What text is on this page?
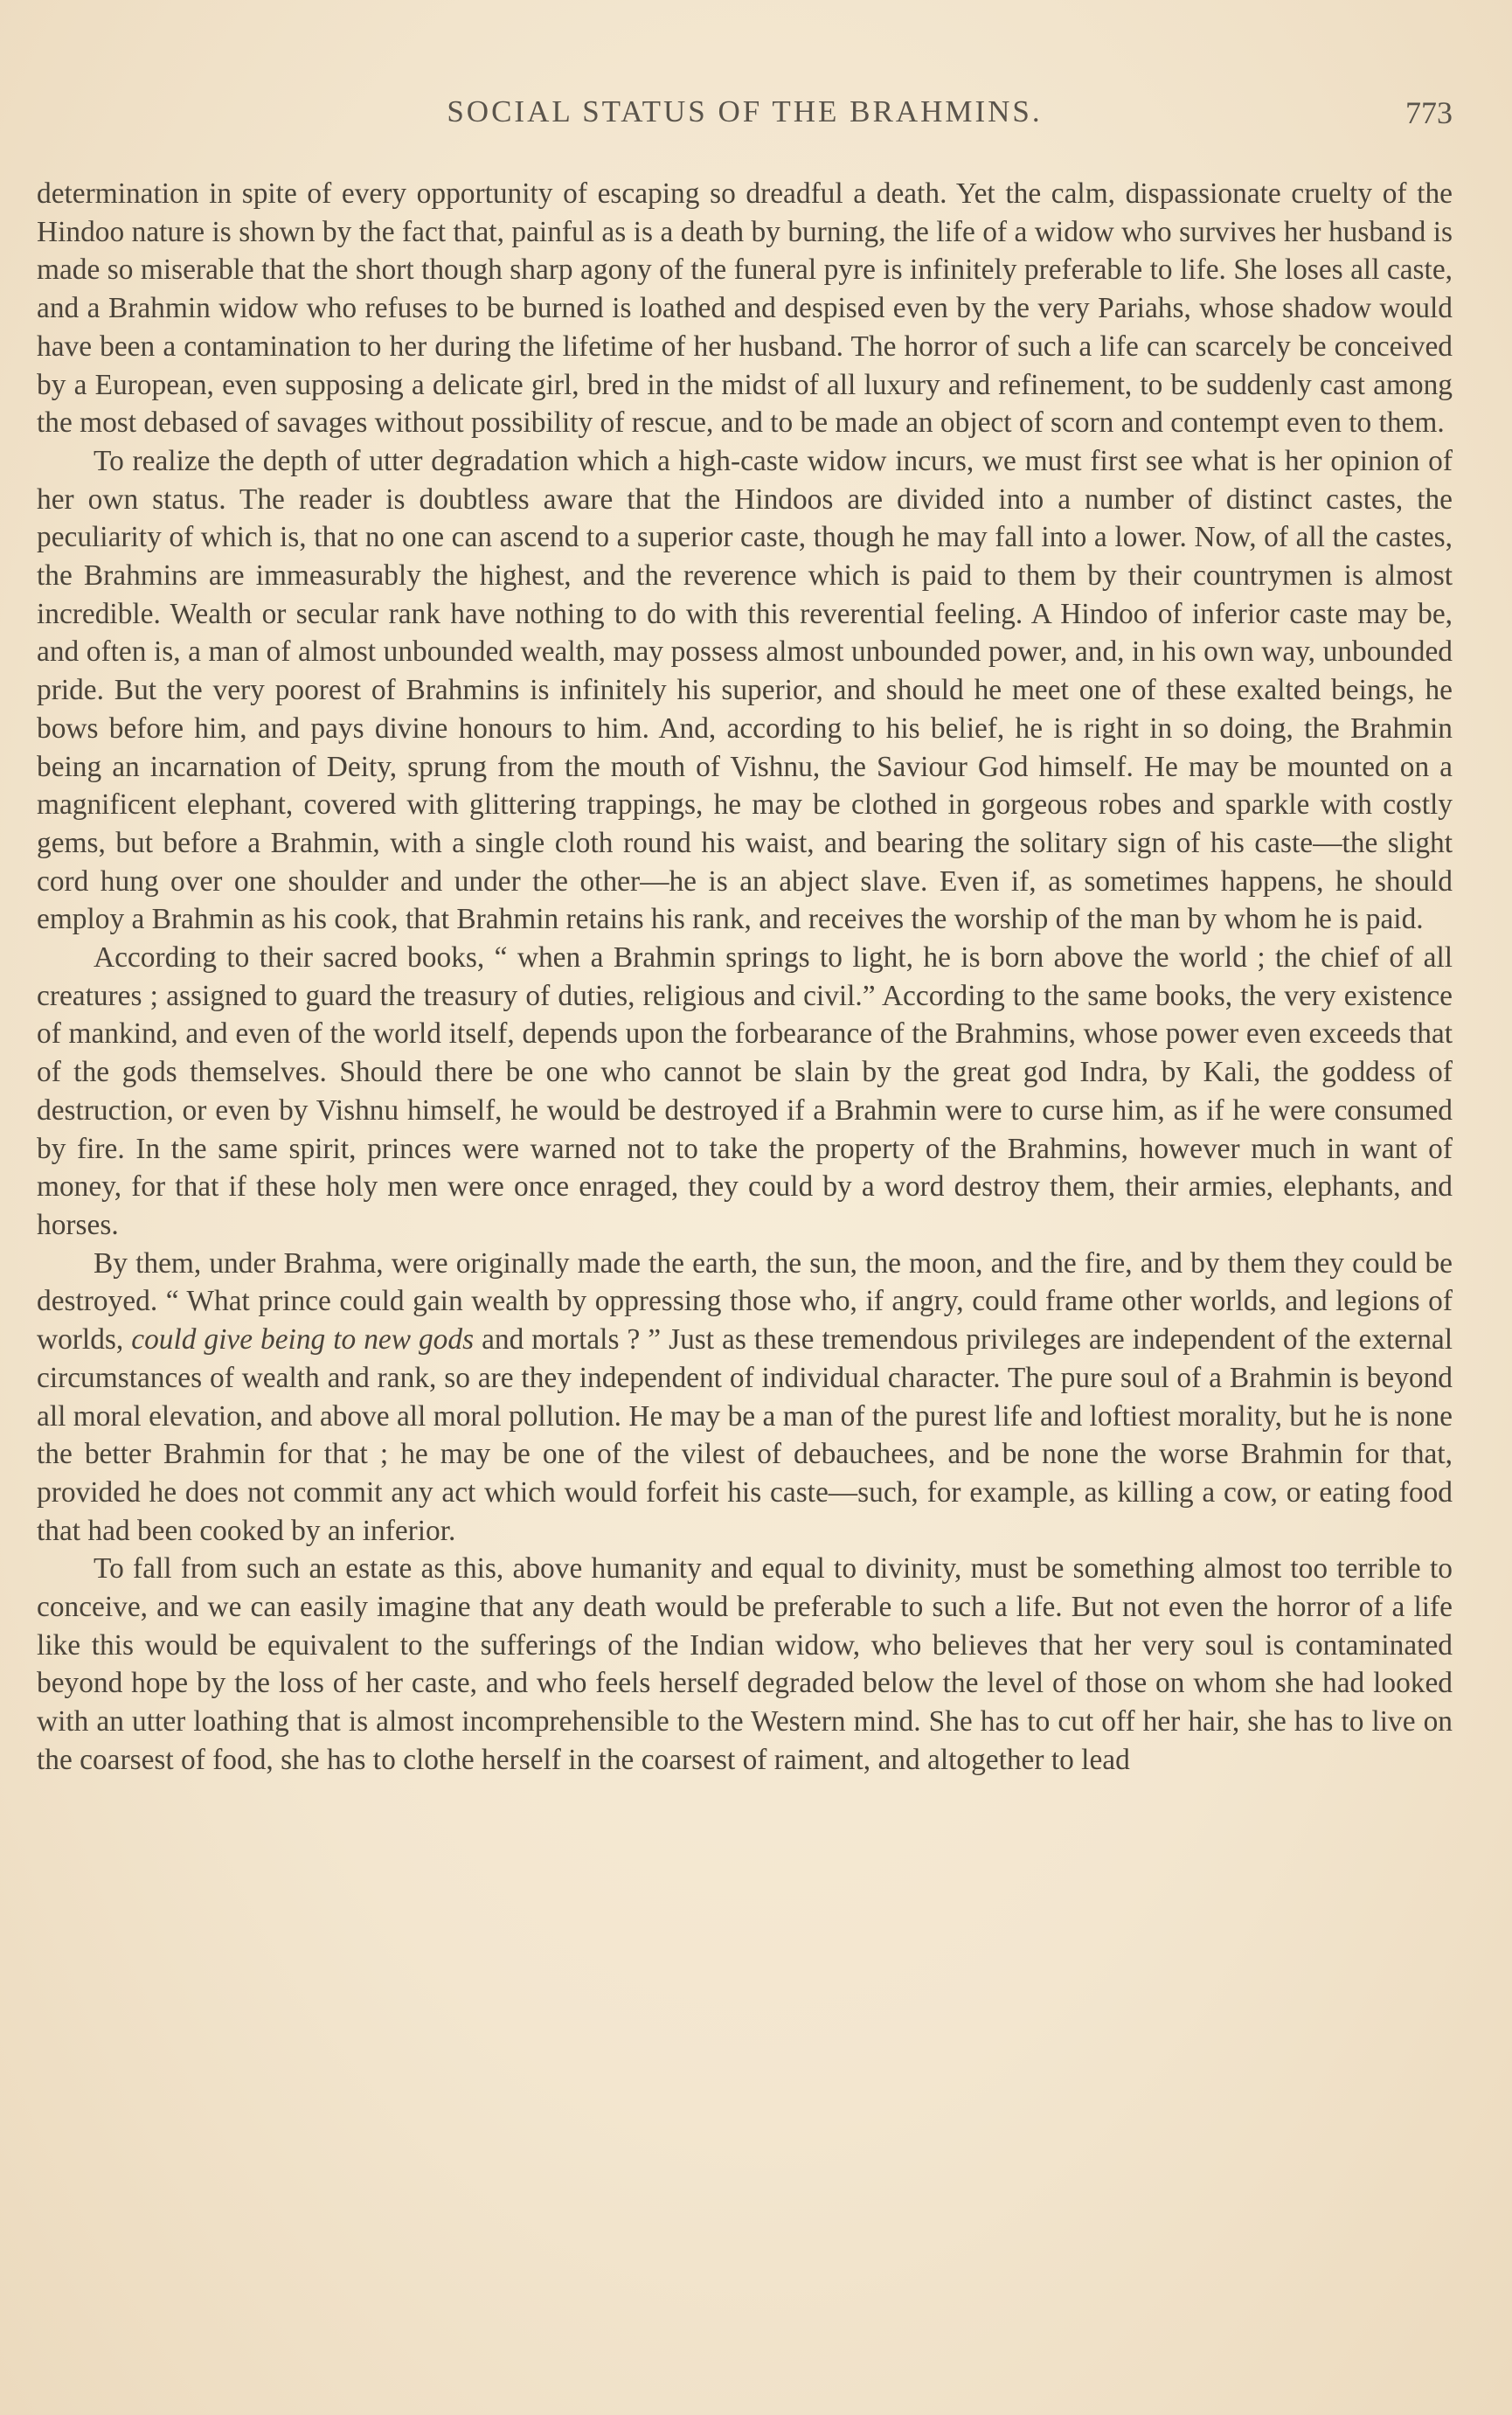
SOCIAL STATUS OF THE BRAHMINS.	773

determination in spite of every opportunity of escaping so dreadful a death. Yet the calm, dispassionate cruelty of the Hindoo nature is shown by the fact that, painful as is a death by burning, the life of a widow who survives her husband is made so miserable that the short though sharp agony of the funeral pyre is infinitely preferable to life. She loses all caste, and a Brahmin widow who refuses to be burned is loathed and despised even by the very Pariahs, whose shadow would have been a contamination to her during the lifetime of her husband. The horror of such a life can scarcely be conceived by a European, even supposing a delicate girl, bred in the midst of all luxury and refinement, to be suddenly cast among the most debased of savages without possibility of rescue, and to be made an object of scorn and contempt even to them.

To realize the depth of utter degradation which a high-caste widow incurs, we must first see what is her opinion of her own status. The reader is doubtless aware that the Hindoos are divided into a number of distinct castes, the peculiarity of which is, that no one can ascend to a superior caste, though he may fall into a lower. Now, of all the castes, the Brahmins are immeasurably the highest, and the reverence which is paid to them by their countrymen is almost incredible. Wealth or secular rank have nothing to do with this reverential feeling. A Hindoo of inferior caste may be, and often is, a man of almost unbounded wealth, may possess almost unbounded power, and, in his own way, unbounded pride. But the very poorest of Brahmins is infinitely his superior, and should he meet one of these exalted beings, he bows before him, and pays divine honours to him. And, according to his belief, he is right in so doing, the Brahmin being an incarnation of Deity, sprung from the mouth of Vishnu, the Saviour God himself. He may be mounted on a magnificent elephant, covered with glittering trappings, he may be clothed in gorgeous robes and sparkle with costly gems, but before a Brahmin, with a single cloth round his waist, and bearing the solitary sign of his caste—the slight cord hung over one shoulder and under the other—he is an abject slave. Even if, as sometimes happens, he should employ a Brahmin as his cook, that Brahmin retains his rank, and receives the worship of the man by whom he is paid.

According to their sacred books, “ when a Brahmin springs to light, he is born above the world ; the chief of all creatures ; assigned to guard the treasury of duties, religious and civil.” According to the same books, the very existence of mankind, and even of the world itself, depends upon the forbearance of the Brahmins, whose power even exceeds that of the gods themselves. Should there be one who cannot be slain by the great god Indra, by Kali, the goddess of destruction, or even by Vishnu himself, he would be destroyed if a Brahmin were to curse him, as if he were consumed by fire. In the same spirit, princes were warned not to take the property of the Brahmins, however much in want of money, for that if these holy men were once enraged, they could by a word destroy them, their armies, elephants, and horses.

By them, under Brahma, were originally made the earth, the sun, the moon, and the fire, and by them they could be destroyed. “ What prince could gain wealth by oppressing those who, if angry, could frame other worlds, and legions of worlds, could give being to new gods and mortals ? ” Just as these tremendous privileges are independent of the external circumstances of wealth and rank, so are they independent of individual character. The pure soul of a Brahmin is beyond all moral elevation, and above all moral pollution. He may be a man of the purest life and loftiest morality, but he is none the better Brahmin for that ; he may be one of the vilest of debauchees, and be none the worse Brahmin for that, provided he does not commit any act which would forfeit his caste—such, for example, as killing a cow, or eating food that had been cooked by an inferior.

To fall from such an estate as this, above humanity and equal to divinity, must be something almost too terrible to conceive, and we can easily imagine that any death would be preferable to such a life. But not even the horror of a life like this would be equivalent to the sufferings of the Indian widow, who believes that her very soul is contaminated beyond hope by the loss of her caste, and who feels herself degraded below the level of those on whom she had looked with an utter loathing that is almost incomprehensible to the Western mind. She has to cut off her hair, she has to live on the coarsest of food, she has to clothe herself in the coarsest of raiment, and altogether to lead
